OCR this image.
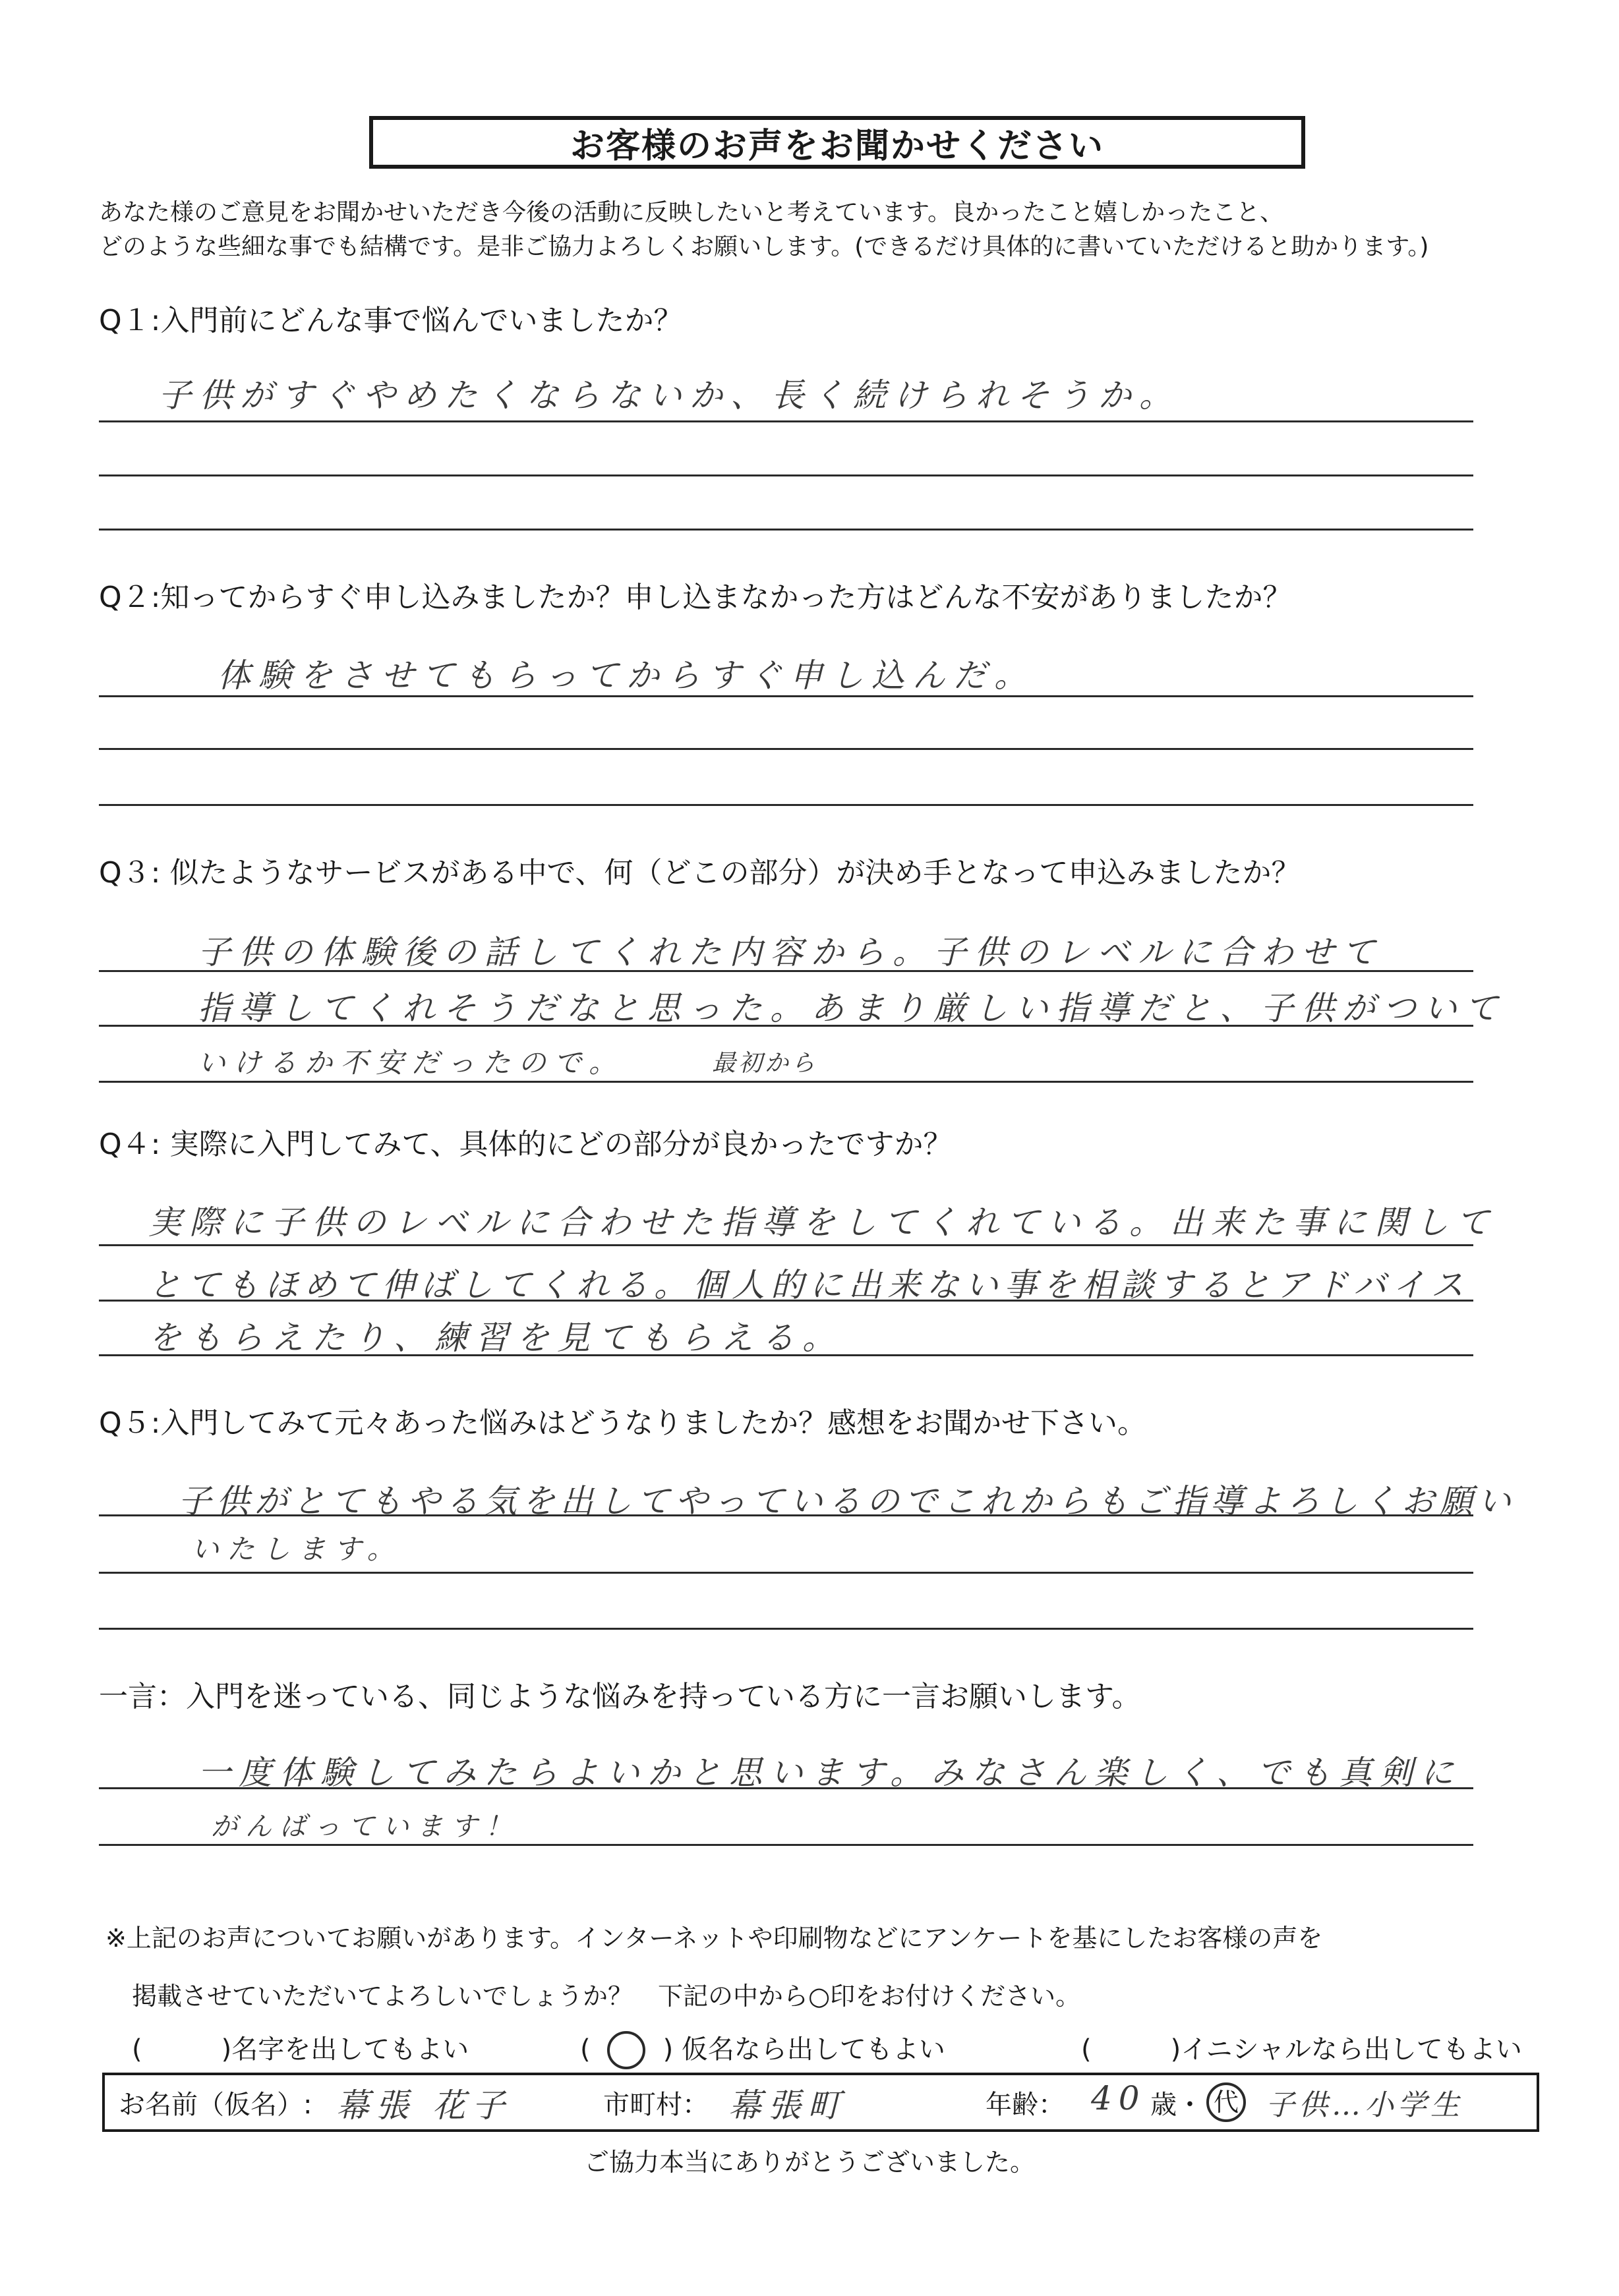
お客様のお声をお聞かせください
あなた様のご意見をお聞かせいただき今後の活動に反映したいと考えています。良かったこと嬉しかったこと、
どのような些細な事でも結構です。是非ご協力よろしくお願いします。(できるだけ具体的に書いていただけると助かります。)
Q１:入門前にどんな事で悩んでいましたか？
子供がすぐやめたくならないか、長く続けられそうか。
Q２:知ってからすぐ申し込みましたか？申し込まなかった方はどんな不安がありましたか？
体験をさせてもらってからすぐ申し込んだ。
Q３: 似たようなサービスがある中で、何（どこの部分）が決め手となって申込みましたか？
子供の体験後の話してくれた内容から。子供のレベルに合わせて
指導してくれそうだなと思った。あまり厳しい指導だと、子供がついて
いけるか不安だったので。	最初から
Q４: 実際に入門してみて、具体的にどの部分が良かったですか？
実際に子供のレベルに合わせた指導をしてくれている。出来た事に関して
とてもほめて伸ばしてくれる。個人的に出来ない事を相談するとアドバイス
をもらえたり、練習を見てもらえる。
Q５:入門してみて元々あった悩みはどうなりましたか？感想をお聞かせ下さい。
子供がとてもやる気を出してやっているのでこれからもご指導よろしくお願い
いたします。
一言：入門を迷っている、同じような悩みを持っている方に一言お願いします。
一度体験してみたらよいかと思います。みなさん楽しく、でも真剣に
がんばっています！
※上記のお声についてお願いがあります。インターネットや印刷物などにアンケートを基にしたお客様の声を
掲載させていただいてよろしいでしょうか？　下記の中から○印をお付けください。
(	)名字を出してもよい	(	) 仮名なら出してもよい	(	)イニシャルなら出してもよい
お名前（仮名）: 幕張 花子	市町村： 幕張町	年齢： 40 歳・ 代 子供…小学生
ご協力本当にありがとうございました。
